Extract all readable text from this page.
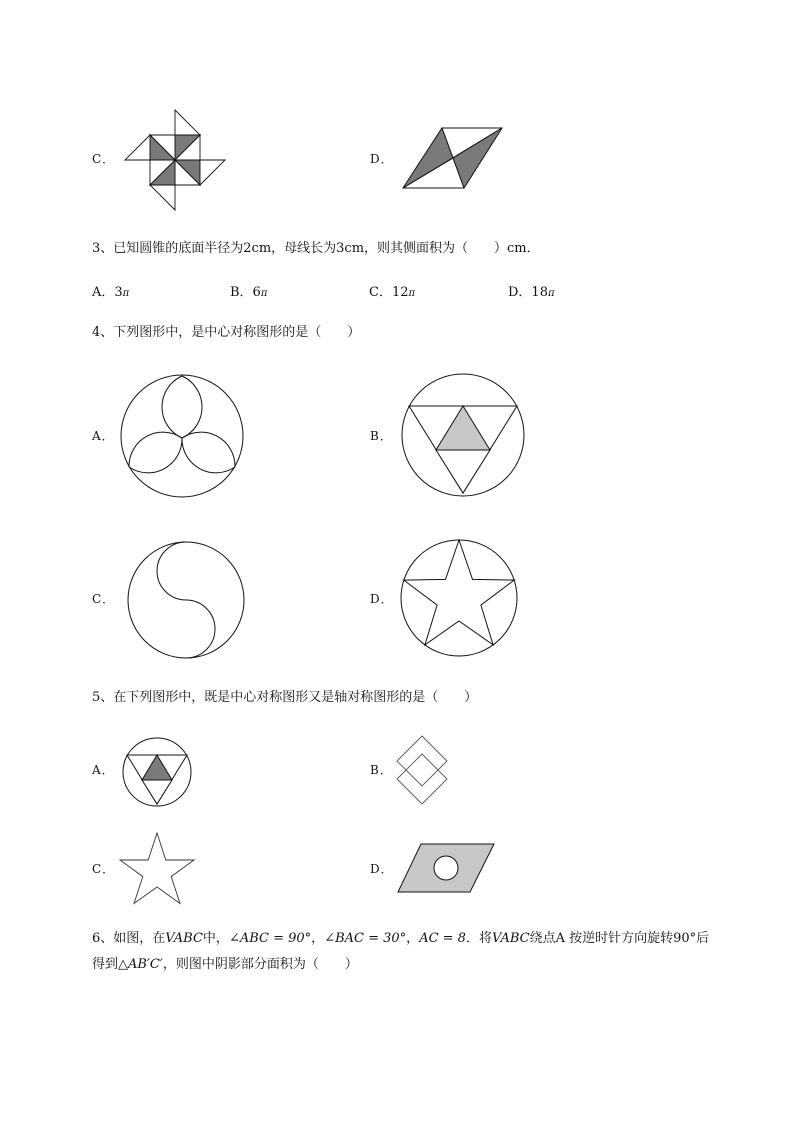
C．	D．
3、已知圆锥的底面半径为2cm，母线长为3cm，则其侧面积为（　　）cm．
A．3π	B．6π	C．12π	D．18π
4、下列图形中，是中心对称图形的是（　　）
A．	B．
C．	D．
5、在下列图形中，既是中心对称图形又是轴对称图形的是（　　）
A．	B．
C．	D．
6、如图，在VABC中，∠ABC = 90°，∠BAC = 30°，AC = 8．将VABC绕点A 按逆时针方向旋转90°后
得到△AB′C′，则图中阴影部分面积为（　　）
